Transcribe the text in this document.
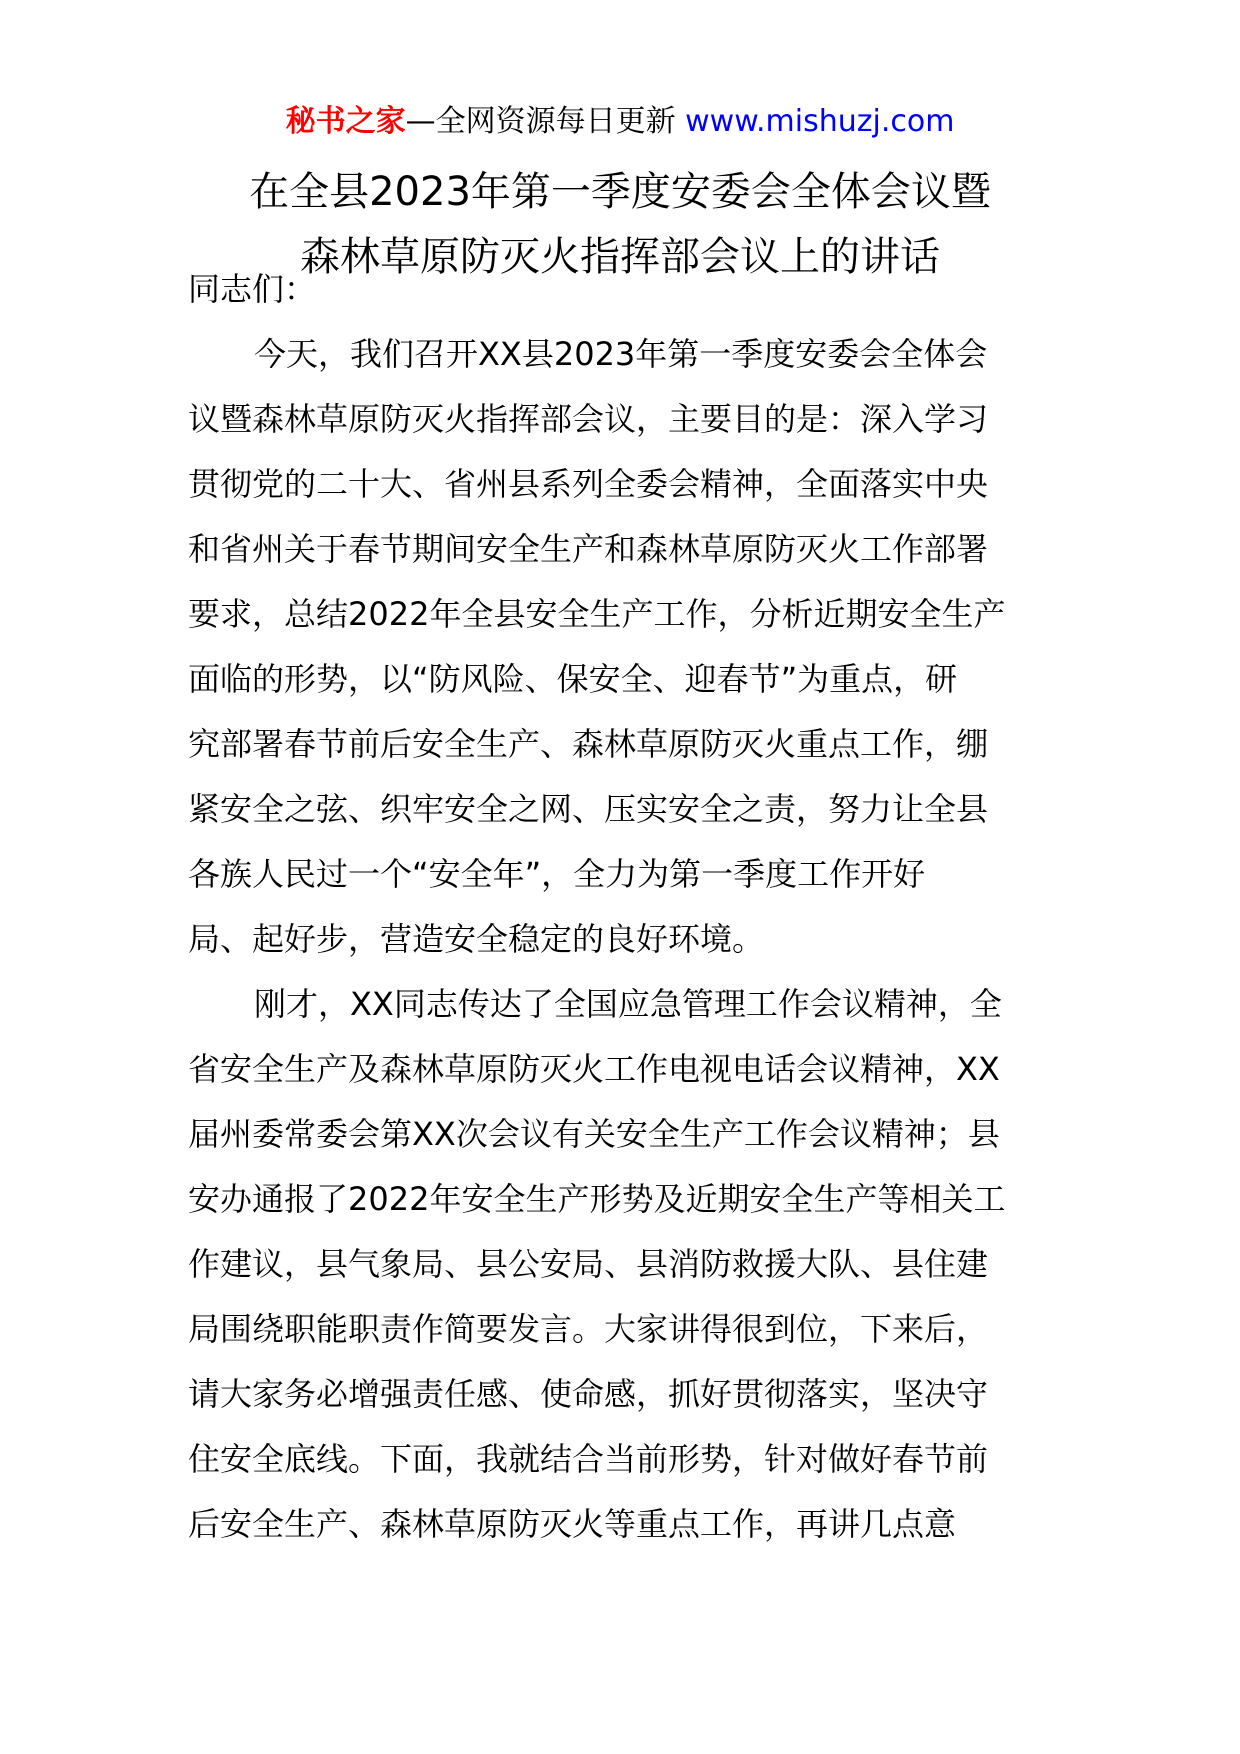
秘书之家—全网资源每日更新 www.mishuzj.com
在全县2023年第一季度安委会全体会议暨
森林草原防灭火指挥部会议上的讲话
同志们：
今天，我们召开XX县2023年第一季度安委会全体会
议暨森林草原防灭火指挥部会议，主要目的是：深入学习
贯彻党的二十大、省州县系列全委会精神，全面落实中央
和省州关于春节期间安全生产和森林草原防灭火工作部署
要求，总结2022年全县安全生产工作，分析近期安全生产
面临的形势，以“防风险、保安全、迎春节”为重点，研
究部署春节前后安全生产、森林草原防灭火重点工作，绷
紧安全之弦、织牢安全之网、压实安全之责，努力让全县
各族人民过一个“安全年”，全力为第一季度工作开好
局、起好步，营造安全稳定的良好环境。
刚才，XX同志传达了全国应急管理工作会议精神，全
省安全生产及森林草原防灭火工作电视电话会议精神，XX
届州委常委会第XX次会议有关安全生产工作会议精神；县
安办通报了2022年安全生产形势及近期安全生产等相关工
作建议，县气象局、县公安局、县消防救援大队、县住建
局围绕职能职责作简要发言。大家讲得很到位，下来后，
请大家务必增强责任感、使命感，抓好贯彻落实，坚决守
住安全底线。下面，我就结合当前形势，针对做好春节前
后安全生产、森林草原防灭火等重点工作，再讲几点意
